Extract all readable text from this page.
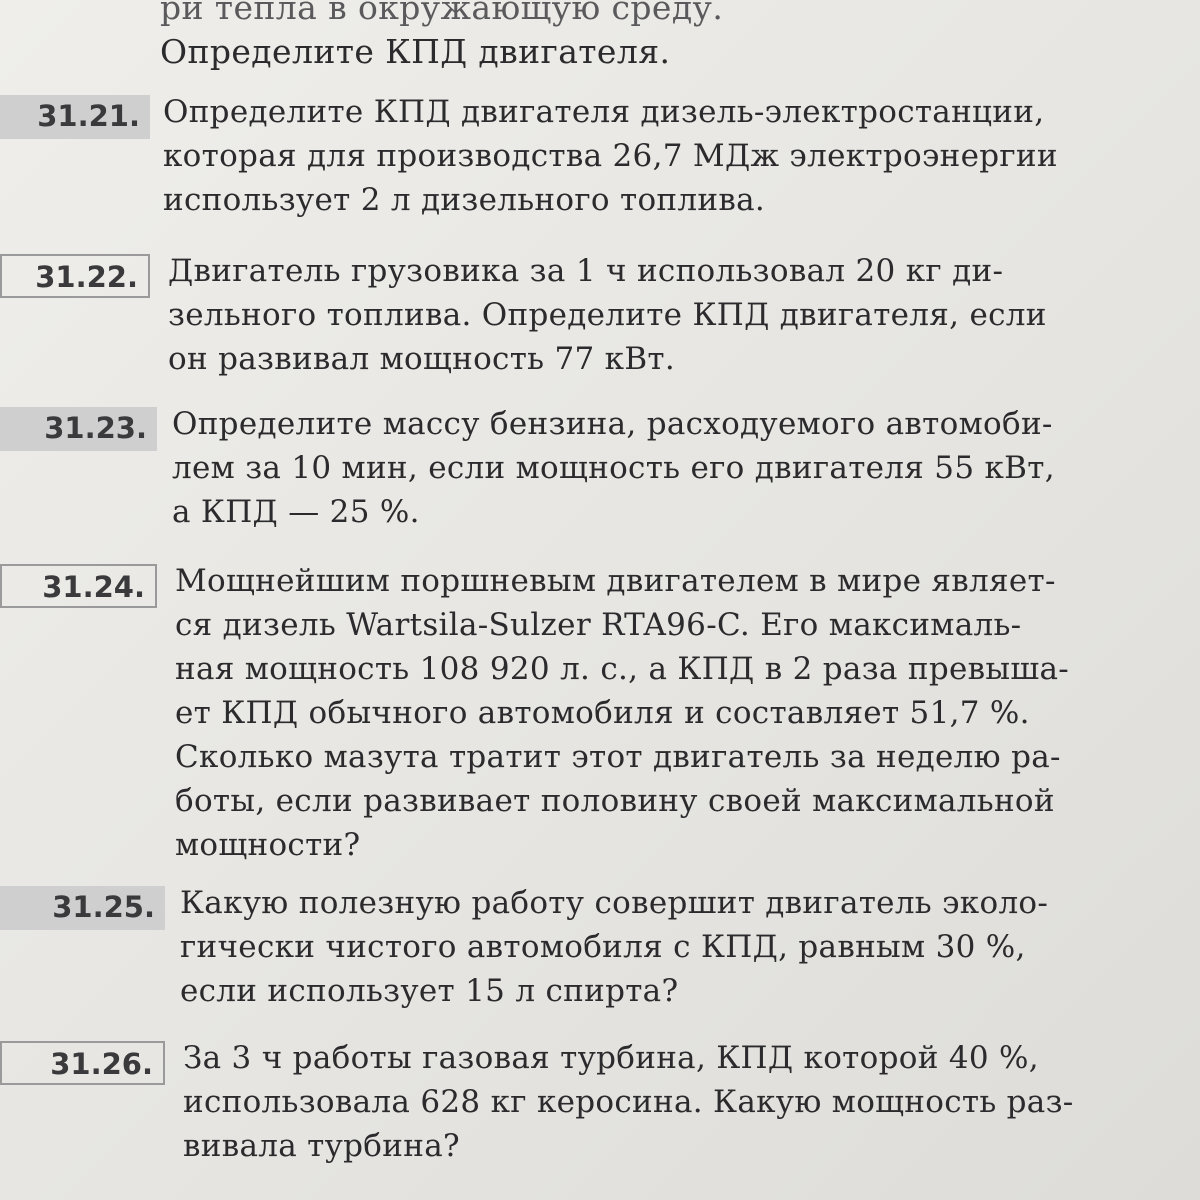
ри тепла в окружающую среду.
Определите КПД двигателя.
31.21. Определите КПД двигателя дизель-электростанции,
которая для производства 26,7 МДж электроэнергии
использует 2 л дизельного топлива.
31.22. Двигатель грузовика за 1 ч использовал 20 кг ди-
зельного топлива. Определите КПД двигателя, если
он развивал мощность 77 кВт.
31.23. Определите массу бензина, расходуемого автомоби-
лем за 10 мин, если мощность его двигателя 55 кВт,
а КПД — 25 %.
31.24. Мощнейшим поршневым двигателем в мире являет-
ся дизель Wartsila-Sulzer RTA96-C. Его максималь-
ная мощность 108 920 л. с., а КПД в 2 раза превыша-
ет КПД обычного автомобиля и составляет 51,7 %.
Сколько мазута тратит этот двигатель за неделю ра-
боты, если развивает половину своей максимальной
мощности?
31.25. Какую полезную работу совершит двигатель эколо-
гически чистого автомобиля с КПД, равным 30 %,
если использует 15 л спирта?
31.26. За 3 ч работы газовая турбина, КПД которой 40 %,
использовала 628 кг керосина. Какую мощность раз-
вивала турбина?
